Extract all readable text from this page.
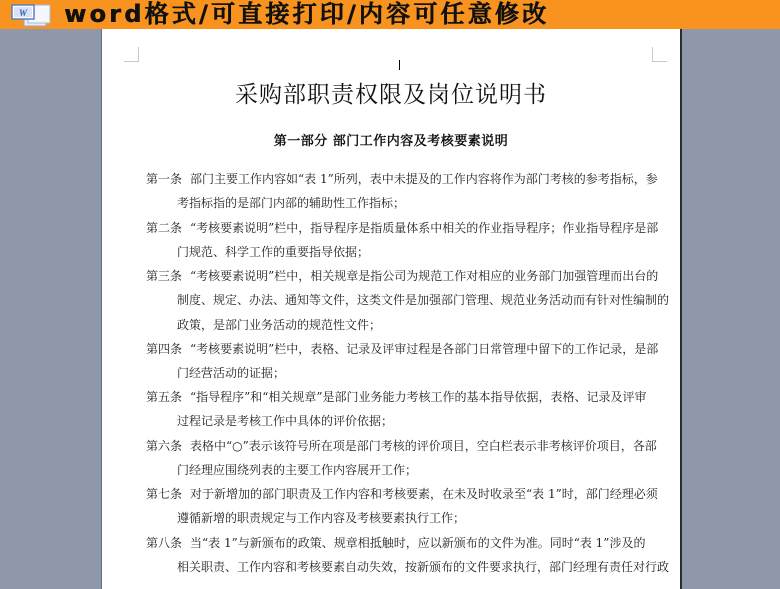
W word格式/可直接打印/内容可任意修改
采购部职责权限及岗位说明书
第一部分 部门工作内容及考核要素说明
第一条 部门主要工作内容如“表 1”所列，表中未提及的工作内容将作为部门考核的参考指标，参
考指标指的是部门内部的辅助性工作指标；
第二条 “考核要素说明”栏中，指导程序是指质量体系中相关的作业指导程序；作业指导程序是部
门规范、科学工作的重要指导依据；
第三条 “考核要素说明”栏中，相关规章是指公司为规范工作对相应的业务部门加强管理而出台的
制度、规定、办法、通知等文件，这类文件是加强部门管理、规范业务活动而有针对性编制的
政策，是部门业务活动的规范性文件；
第四条 “考核要素说明”栏中，表格、记录及评审过程是各部门日常管理中留下的工作记录，是部
门经营活动的证据；
第五条 “指导程序”和“相关规章”是部门业务能力考核工作的基本指导依据，表格、记录及评审
过程记录是考核工作中具体的评价依据；
第六条 表格中“○”表示该符号所在项是部门考核的评价项目，空白栏表示非考核评价项目，各部
门经理应围绕列表的主要工作内容展开工作；
第七条 对于新增加的部门职责及工作内容和考核要素，在未及时收录至“表 1”时，部门经理必须
遵循新增的职责规定与工作内容及考核要素执行工作；
第八条 当“表 1”与新颁布的政策、规章相抵触时，应以新颁布的文件为准。同时“表 1”涉及的
相关职责、工作内容和考核要素自动失效，按新颁布的文件要求执行，部门经理有责任对行政
